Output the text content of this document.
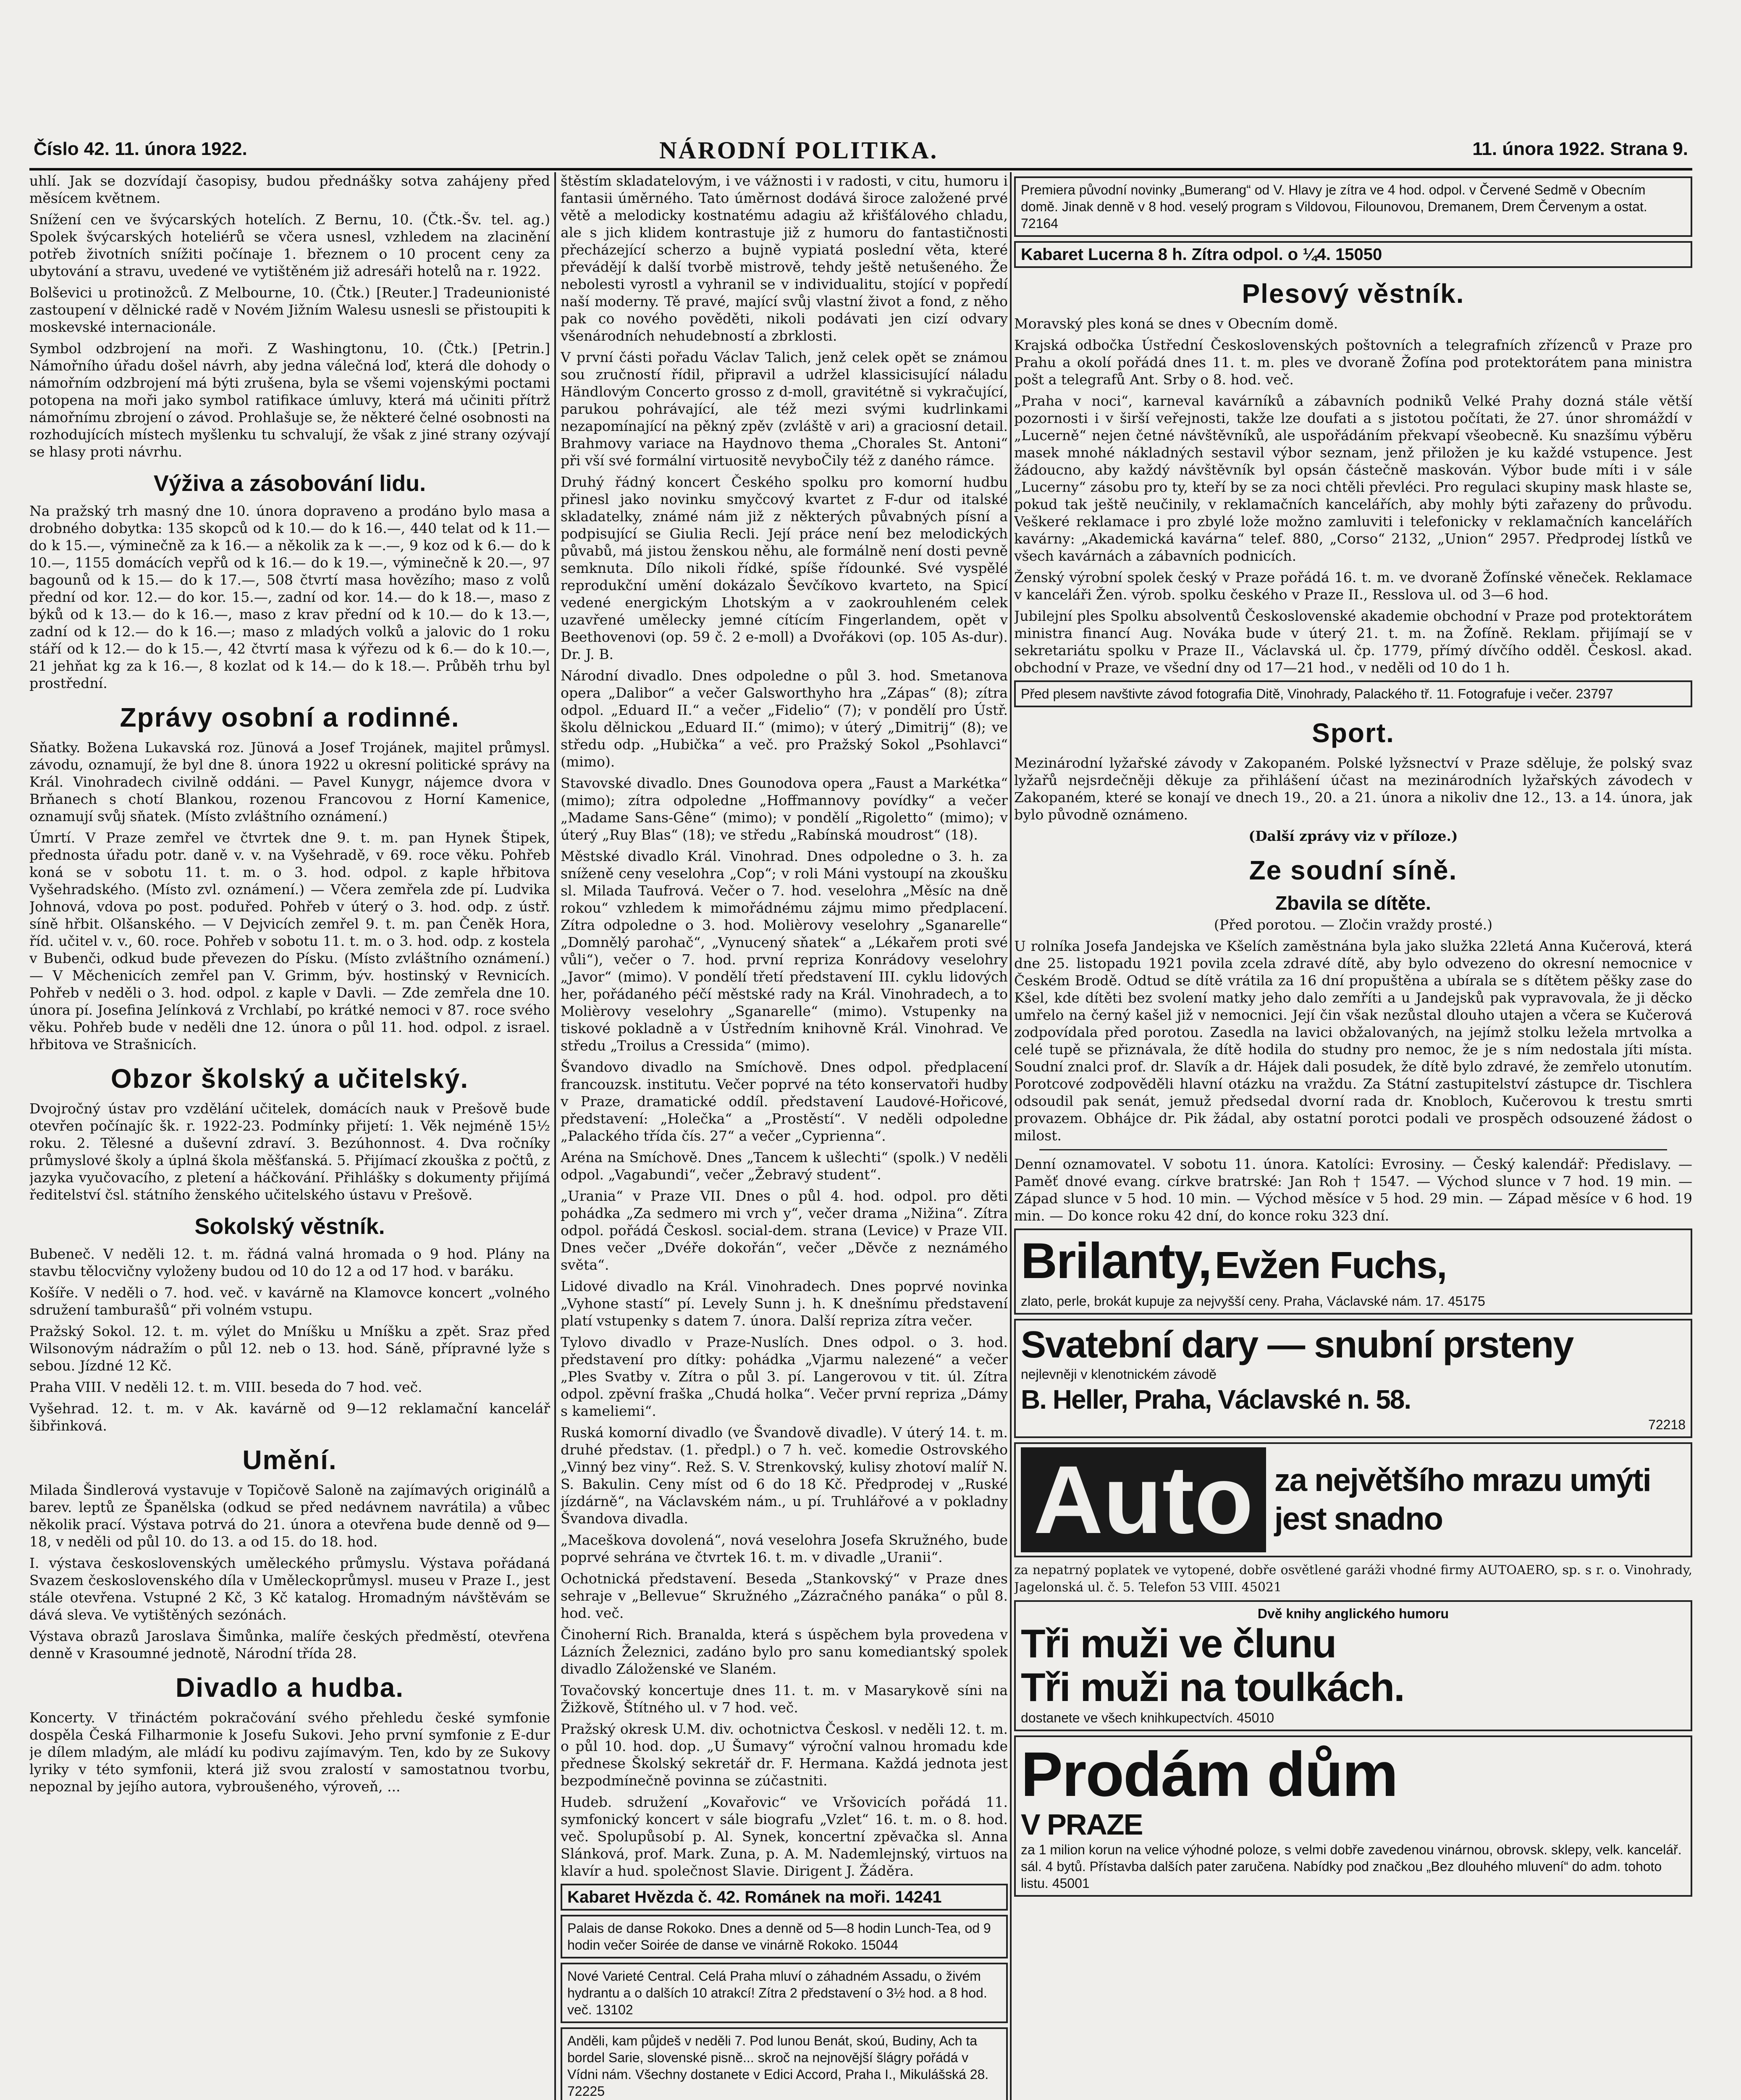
Číslo 42. 11. února 1922.	NÁRODNÍ POLITIKA.	11. února 1922. Strana 9.

uhlí. Jak se dozvídají časopisy, budou přednášky sotva zahájeny před měsícem květnem.

Snížení cen ve švýcarských hotelích. Z Bernu, 10. (Čtk.-Šv. tel. ag.) Spolek švýcarských hoteliérů se včera usnesl, vzhledem na zlacinění potřeb životních snížiti počínaje 1. březnem o 10 procent ceny za ubytování a stravu, uvedené ve vytištěném již adresáři hotelů na r. 1922.

Bolševici u protinožců. Z Melbourne, 10. (Čtk.) [Reuter.] Tradeunionisté zastoupení v dělnické radě v Novém Jižním Walesu usnesli se přistoupiti k moskevské internacionále.

Symbol odzbrojení na moři. Z Washingtonu, 10. (Čtk.) [Petrin.] Námořního úřadu došel návrh, aby jedna válečná loď, která dle dohody o námořním odzbrojení má býti zrušena, byla se všemi vojenskými poctami potopena na moři jako symbol ratifikace úmluvy, která má učiniti přítrž námořnímu zbrojení o závod. Prohlašuje se, že některé čelné osobnosti na rozhodujících místech myšlenku tu schvalují, že však z jiné strany ozývají se hlasy proti návrhu.

Výživa a zásobování lidu.

Na pražský trh masný dne 10. února dopraveno a prodáno bylo masa a drobného dobytka: 135 skopců od k 10.— do k 16.—, 440 telat od k 11.— do k 15.—, výminečně za k 16.— a několik za k —.—, 9 koz od k 6.— do k 10.—, 1155 domácích vepřů od k 16.— do k 19.—, výminečně k 20.—, 97 bagounů od k 15.— do k 17.—, 508 čtvrtí masa hovězího; maso z volů přední od kor. 12.— do kor. 15.—, zadní od kor. 14.— do k 18.—, maso z býků od k 13.— do k 16.—, maso z krav přední od k 10.— do k 13.—, zadní od k 12.— do k 16.—; maso z mladých volků a jalovic do 1 roku stáří od k 12.— do k 15.—, 42 čtvrtí masa k výřezu od k 6.— do k 10.—, 21 jehňat kg za k 16.—, 8 kozlat od k 14.— do k 18.—. Průběh trhu byl prostřední.

Zprávy osobní a rodinné.

Sňatky. Božena Lukavská roz. Jünová a Josef Trojánek, majitel průmysl. závodu, oznamují, že byl dne 8. února 1922 u okresní politické správy na Král. Vinohradech civilně oddáni. — Pavel Kunygr, nájemce dvora v Brňanech s chotí Blankou, rozenou Francovou z Horní Kamenice, oznamují svůj sňatek. (Místo zvláštního oznámení.)

Úmrtí. V Praze zemřel ve čtvrtek dne 9. t. m. pan Hynek Štipek, přednosta úřadu potr. daně v. v. na Vyšehradě, v 69. roce věku. Pohřeb koná se v sobotu 11. t. m. o 3. hod. odpol. z kaple hřbitova Vyšehradského. (Místo zvl. oznámení.) — Včera zemřela zde pí. Ludvika Johnová, vdova po post. poduřed. Pohřeb v úterý o 3. hod. odp. z ústř. síně hřbit. Olšanského. — V Dejvicích zemřel 9. t. m. pan Čeněk Hora, říd. učitel v. v., 60. roce. Pohřeb v sobotu 11. t. m. o 3. hod. odp. z kostela v Bubenči, odkud bude převezen do Písku. (Místo zvláštního oznámení.) — V Měchenicích zemřel pan V. Grimm, býv. hostinský v Revnicích. Pohřeb v neděli o 3. hod. odpol. z kaple v Davli. — Zde zemřela dne 10. února pí. Josefina Jelínková z Vrchlabí, po krátké nemoci v 87. roce svého věku. Pohřeb bude v neděli dne 12. února o půl 11. hod. odpol. z israel. hřbitova ve Strašnicích.

Obzor školský a učitelský.

Dvojročný ústav pro vzdělání učitelek, domácích nauk v Prešově bude otevřen počínajíc šk. r. 1922-23. Podmínky přijetí: 1. Věk nejméně 15½ roku. 2. Tělesné a duševní zdraví. 3. Bezúhonnost. 4. Dva ročníky průmyslové školy a úplná škola měšťanská. 5. Přijímací zkouška z počtů, z jazyka vyučovacího, z pletení a háčkování. Přihlášky s dokumenty přijímá ředitelství čsl. státního ženského učitelského ústavu v Prešově.

Sokolský věstník.

Bubeneč. V neděli 12. t. m. řádná valná hromada o 9 hod. Plány na stavbu tělocvičny vyloženy budou od 10 do 12 a od 17 hod. v baráku.

Košíře. V neděli o 7. hod. več. v kavárně na Klamovce koncert „volného sdružení tamburašů“ při volném vstupu.

Pražský Sokol. 12. t. m. výlet do Mníšku u Mníšku a zpět. Sraz před Wilsonovým nádražím o půl 12. neb o 13. hod. Sáně, přípravné lyže s sebou. Jízdné 12 Kč.

Praha VIII. V neděli 12. t. m. VIII. beseda do 7 hod. več.

Vyšehrad. 12. t. m. v Ak. kavárně od 9—12 reklamační kancelář šibřinková.

Umění.

Milada Šindlerová vystavuje v Topičově Saloně na zajímavých originálů a barev. leptů ze Španělska (odkud se před nedávnem navrátila) a vůbec několik prací. Výstava potrvá do 21. února a otevřena bude denně od 9—18, v neděli od půl 10. do 13. a od 15. do 18. hod.

I. výstava československých uměleckého průmyslu. Výstava pořádaná Svazem československého díla v Uměleckoprůmysl. museu v Praze I., jest stále otevřena. Vstupné 2 Kč, 3 Kč katalog. Hromadným návštěvám se dává sleva. Ve vytištěných sezónách.

Výstava obrazů Jaroslava Šimůnka, malíře českých předměstí, otevřena denně v Krasoumné jednotě, Národní třída 28.

Divadlo a hudba.

Koncerty. V třináctém pokračování svého přehledu české symfonie dospěla Česká Filharmonie k Josefu Sukovi. Jeho první symfonie z E-dur je dílem mladým, ale mládí ku podivu zajímavým. Ten, kdo by ze Sukovy lyriky v této symfonii, která již svou zralostí v samostatnou tvorbu, nepoznal by jejího autora, vybroušeného, výroveň, ...

štěstím skladatelovým, i ve vážnosti i v radosti, v citu, humoru i fantasii úměrného. Tato úměrnost dodává široce založené prvé větě a melodicky kostnatému adagiu až křišťálového chladu, ale s jich klidem kontrastuje již z humoru do fantastičnosti přecházející scherzo a bujně vypiatá poslední věta, které převádějí k další tvorbě mistrově, tehdy ještě netušeného. Že nebolesti vyrostl a vyhranil se v individualitu, stojící v popředí naší moderny. Tě pravé, mající svůj vlastní život a fond, z něho pak co nového pověděti, nikoli podávati jen cizí odvary všenárodních nehudebností a zbrklosti.

V první části pořadu Václav Talich, jenž celek opět se známou sou zručností řídil, připravil a udržel klassicisující náladu Händlovým Concerto grosso z d-moll, gravitétně si vykračující, parukou pohrávající, ale též mezi svými kudrlinkami nezapomínající na pěkný zpěv (zvláště v ari) a graciosní detail. Brahmovy variace na Haydnovo thema „Chorales St. Antoni“ při vší své formální virtuositě nevyboČily též z daného rámce.

Druhý řádný koncert Českého spolku pro komorní hudbu přinesl jako novinku smyčcový kvartet z F-dur od italské skladatelky, známé nám již z některých půvabných písní a podpisující se Giulia Recli. Její práce není bez melodických půvabů, má jistou ženskou něhu, ale formálně není dosti pevně semknuta. Dílo nikoli řídké, spíše řídounké. Své vyspělé reprodukční umění dokázalo Ševčíkovo kvarteto, na Spicí vedené energickým Lhotským a v zaokrouhleném celek uzavřené umělecky jemné cítícím Fingerlandem, opět v Beethovenovi (op. 59 č. 2 e-moll) a Dvořákovi (op. 105 As-dur). Dr. J. B.

Národní divadlo. Dnes odpoledne o půl 3. hod. Smetanova opera „Dalibor“ a večer Galsworthyho hra „Zápas“ (8); zítra odpol. „Eduard II.“ a večer „Fidelio“ (7); v pondělí pro Ústř. školu dělnickou „Eduard II.“ (mimo); v úterý „Dimitrij“ (8); ve středu odp. „Hubička“ a več. pro Pražský Sokol „Psohlavci“ (mimo).

Stavovské divadlo. Dnes Gounodova opera „Faust a Markétka“ (mimo); zítra odpoledne „Hoffmannovy povídky“ a večer „Madame Sans-Gêne“ (mimo); v pondělí „Rigoletto“ (mimo); v úterý „Ruy Blas“ (18); ve středu „Rabínská moudrost“ (18).

Městské divadlo Král. Vinohrad. Dnes odpoledne o 3. h. za sníženě ceny veselohra „Cop“; v roli Máni vystoupí na zkoušku sl. Milada Taufrová. Večer o 7. hod. veselohra „Měsíc na dně rokou“ vzhledem k mimořádnému zájmu mimo předplacení. Zítra odpoledne o 3. hod. Molièrovy veselohry „Sganarelle“ „Domnělý parohač“, „Vynucený sňatek“ a „Lékařem proti své vůli“), večer o 7. hod. první repriza Konrádovy veselohry „Javor“ (mimo). V pondělí třetí představení III. cyklu lidových her, pořádaného péčí městské rady na Král. Vinohradech, a to Molièrovy veselohry „Sganarelle“ (mimo). Vstupenky na tiskové pokladně a v Ústředním knihovně Král. Vinohrad. Ve středu „Troilus a Cressida“ (mimo).

Švandovo divadlo na Smíchově. Dnes odpol. předplacení francouzsk. institutu. Večer poprvé na této konservatoři hudby v Praze, dramatické oddíl. představení Laudové-Hořicové, představení: „Holečka“ a „Prostěstí“. V neděli odpoledne „Palackého třída čís. 27“ a večer „Cyprienna“.

Aréna na Smíchově. Dnes „Tancem k ušlechti“ (spolk.) V neděli odpol. „Vagabundi“, večer „Žebravý student“.

„Urania“ v Praze VII. Dnes o půl 4. hod. odpol. pro děti pohádka „Za sedmero mi vrch y“, večer drama „Nižina“. Zítra odpol. pořádá Českosl. social-dem. strana (Levice) v Praze VII. Dnes večer „Dvéře dokořán“, večer „Děvče z neznámého světa“.

Lidové divadlo na Král. Vinohradech. Dnes poprvé novinka „Vyhone stastí“ pí. Levely Sunn j. h. K dnešnímu představení platí vstupenky s datem 7. února. Další repriza zítra večer.

Tylovo divadlo v Praze-Nuslích. Dnes odpol. o 3. hod. představení pro dítky: pohádka „Vjarmu nalezené“ a večer „Ples Svatby v. Zítra o půl 3. pí. Langerovou v tit. úl. Zítra odpol. zpěvní fraška „Chudá holka“. Večer první repriza „Dámy s kameliemi“.

Ruská komorní divadlo (ve Švandově divadle). V úterý 14. t. m. druhé představ. (1. předpl.) o 7 h. več. komedie Ostrovského „Vinný bez viny“. Rež. S. V. Strenkovský, kulisy zhotoví malíř N. S. Bakulin. Ceny míst od 6 do 18 Kč. Předprodej v „Ruské jízdárně“, na Václavském nám., u pí. Truhlářové a v pokladny Švandova divadla.

„Maceškova dovolená“, nová veselohra Josefa Skružného, bude poprvé sehrána ve čtvrtek 16. t. m. v divadle „Uranii“.

Ochotnická představení. Beseda „Stankovský“ v Praze dnes sehraje v „Bellevue“ Skružného „Zázračného panáka“ o půl 8. hod. več.

Činoherní Rich. Branalda, která s úspěchem byla provedena v Lázních Železnici, zadáno bylo pro sanu komediantský spolek divadlo Záloženské ve Slaném.

Tovačovský koncertuje dnes 11. t. m. v Masarykově síni na Žižkově, Štítného ul. v 7 hod. več.

Pražský okresk U.M. div. ochotnictva Českosl. v neděli 12. t. m. o půl 10. hod. dop. „U Šumavy“ výroční valnou hromadu kde přednese Školský sekretář dr. F. Hermana. Každá jednota jest bezpodmínečně povinna se zúčastniti.

Hudeb. sdružení „Kovařovic“ ve Vršovicích pořádá 11. symfonický koncert v sále biografu „Vzlet“ 16. t. m. o 8. hod. več. Spolupůsobí p. Al. Synek, koncertní zpěvačka sl. Anna Slánková, prof. Mark. Zuna, p. A. M. Nademlejnský, virtuos na klavír a hud. společnost Slavie. Dirigent J. Žáděra.

Kabaret Hvězda č. 42. Románek na moři. 14241
Palais de danse Rokoko. Dnes a denně od 5—8 hodin Lunch-Tea, od 9 hodin večer Soirée de danse ve vinárně Rokoko. 15044
Nové Varieté Central. Celá Praha mluví o záhadném Assadu, o živém hydrantu a o dalších 10 atrakcí! Zítra 2 představení o 3½ hod. a 8 hod. več. 13102
Anděli, kam půjdeš v neděli 7. Pod lunou Benát, skoú, Budiny, Ach ta bordel Sarie, slovenské pisně... skroč na nejnovější šlágry pořádá v Vídni nám. Všechny dostanete v Edici Accord, Praha I., Mikulášská 28. 72225
Premiera původní novinky „Bumerang“ od V. Hlavy je zítra ve 4 hod. odpol. v Červené Sedmě v Obecním domě. Jinak denně v 8 hod. veselý program s Vildovou, Filounovou, Dremanem, Drem Červenym a ostat. 72164
Kabaret Lucerna 8 h. Zítra odpol. o ¼4. 15050
Plesový věstník.

Moravský ples koná se dnes v Obecním domě.

Krajská odbočka Ústřední Československých poštovních a telegrafních zřízenců v Praze pro Prahu a okolí pořádá dnes 11. t. m. ples ve dvoraně Žofína pod protektorátem pana ministra pošt a telegrafů Ant. Srby o 8. hod. več.

„Praha v noci“, karneval kavárníků a zábavních podniků Velké Prahy dozná stále větší pozornosti i v širší veřejnosti, takže lze doufati a s jistotou počítati, že 27. únor shromáždí v „Lucerně“ nejen četné návštěvníků, ale uspořádáním překvapí všeobecně. Ku snazšímu výběru masek mnohé nákladných sestavil výbor seznam, jenž přiložen je ku každé vstupence. Jest žádoucno, aby každý návštěvník byl opsán částečně maskován. Výbor bude míti i v sále „Lucerny“ zásobu pro ty, kteří by se za noci chtěli převléci. Pro regulaci skupiny mask hlaste se, pokud tak ještě neučinily, v reklamačních kancelářích, aby mohly býti zařazeny do průvodu. Veškeré reklamace i pro zbylé lože možno zamluviti i telefonicky v reklamačních kancelářích kavárny: „Akademická kavárna“ telef. 880, „Corso“ 2132, „Union“ 2957. Předprodej lístků ve všech kavárnách a zábavních podnicích.

Ženský výrobní spolek český v Praze pořádá 16. t. m. ve dvoraně Žofínské věneček. Reklamace v kanceláři Žen. výrob. spolku českého v Praze II., Resslova ul. od 3—6 hod.

Jubilejní ples Spolku absolventů Československé akademie obchodní v Praze pod protektorátem ministra financí Aug. Nováka bude v úterý 21. t. m. na Žofíně. Reklam. přijímají se v sekretariátu spolku v Praze II., Václavská ul. čp. 1779, přímý dívčího odděl. Českosl. akad. obchodní v Praze, ve všední dny od 17—21 hod., v neděli od 10 do 1 h.

Před plesem navštivte závod fotografia Ditě, Vinohrady, Palackého tř. 11. Fotografuje i večer. 23797
Sport.

Mezinárodní lyžařské závody v Zakopaném. Polské lyžsnectví v Praze sděluje, že polský svaz lyžařů nejsrdečněji děkuje za přihlášení účast na mezinárodních lyžařských závodech v Zakopaném, které se konají ve dnech 19., 20. a 21. února a nikoliv dne 12., 13. a 14. února, jak bylo původně oznámeno.

(Další zprávy viz v příloze.)

Ze soudní síně.
Zbavila se dítěte.

(Před porotou. — Zločin vraždy prosté.)

U rolníka Josefa Jandejska ve Kšelích zaměstnána byla jako služka 22letá Anna Kučerová, která dne 25. listopadu 1921 povila zcela zdravé dítě, aby bylo odvezeno do okresní nemocnice v Českém Brodě. Odtud se dítě vrátila za 16 dní propuštěna a ubírala se s dítětem pěšky zase do Kšel, kde dítěti bez svolení matky jeho dalo zemříti a u Jandejsků pak vypravovala, že ji děcko umřelo na černý kašel již v nemocnici. Její čin však nezůstal dlouho utajen a včera se Kučerová zodpovídala před porotou. Zasedla na lavici obžalovaných, na jejímž stolku ležela mrtvolka a celé tupě se přiznávala, že dítě hodila do studny pro nemoc, že je s ním nedostala jíti místa. Soudní znalci prof. dr. Slavík a dr. Hájek dali posudek, že dítě bylo zdravé, že zemřelo utonutím. Porotcové zodpověděli hlavní otázku na vraždu. Za Státní zastupitelství zástupce dr. Tischlera odsoudil pak senát, jemuž předsedal dvorní rada dr. Knobloch, Kučerovou k trestu smrti provazem. Obhájce dr. Pik žádal, aby ostatní porotci podali ve prospěch odsouzené žádost o milost.

Denní oznamovatel. V sobotu 11. února. Katolíci: Evrosiny. — Český kalendář: Předislavy. — Paměť dnové evang. církve bratrské: Jan Roh † 1547. — Východ slunce v 7 hod. 19 min. — Západ slunce v 5 hod. 10 min. — Východ měsíce v 5 hod. 29 min. — Západ měsíce v 6 hod. 19 min. — Do konce roku 42 dní, do konce roku 323 dní.

Brilanty, Evžen Fuchs,
zlato, perle, brokát kupuje za nejvyšší ceny. Praha, Václavské nám. 17. 45175
Svatební dary — snubní prsteny
nejlevněji v klenotnickém závodě
B. Heller, Praha, Václavské n. 58.
72218
Auto za největšího mrazu umýti jest snadno
za nepatrný poplatek ve vytopené, dobře osvětlené garáži vhodné firmy AUTOAERO, sp. s r. o. Vinohrady, Jagelonská ul. č. 5. Telefon 53 VIII. 45021
Dvě knihy anglického humoru
Tři muži ve člunu
Tři muži na toulkách.
dostanete ve všech knihkupectvích. 45010
Prodám dům
V PRAZE
za 1 milion korun na velice výhodné poloze, s velmi dobře zavedenou vinárnou, obrovsk. sklepy, velk. kancelář. sál. 4 bytů. Přístavba dalších pater zaručena. Nabídky pod značkou „Bez dlouhého mluvení“ do adm. tohoto listu. 45001
